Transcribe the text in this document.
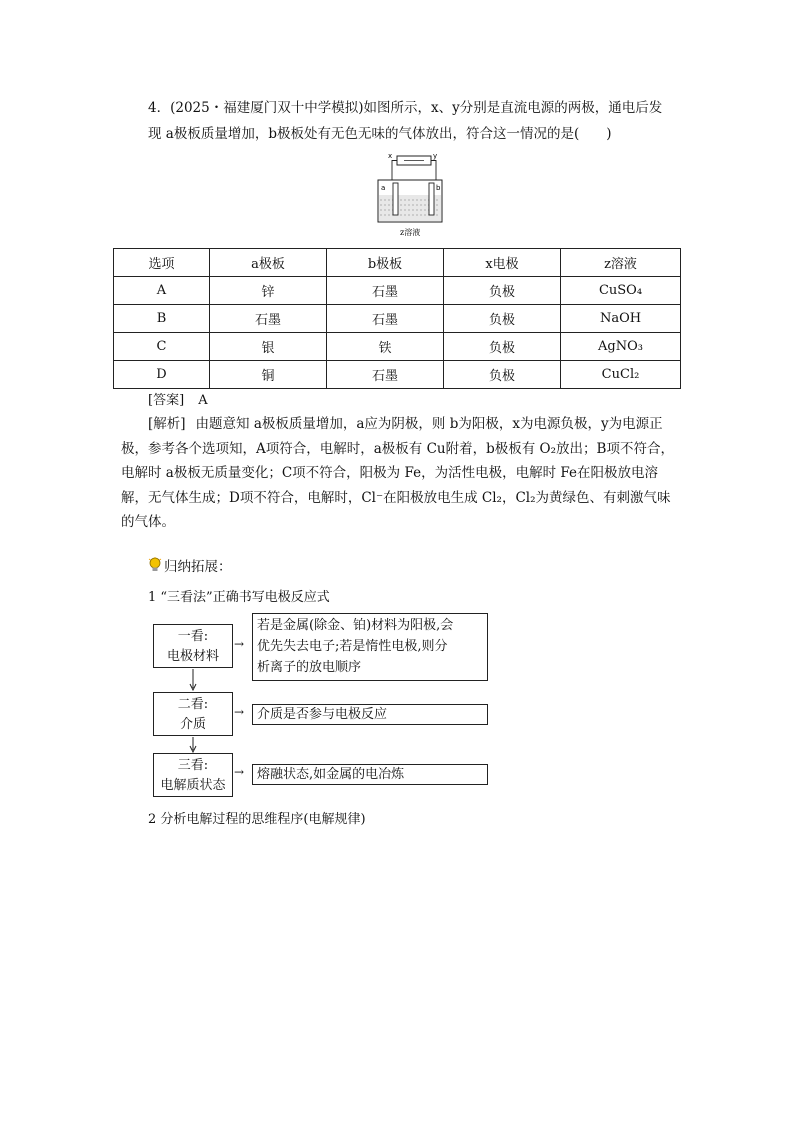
4．(2025・福建厦门双十中学模拟)如图所示，x、y分别是直流电源的两极，通电后发

现 a极板质量增加，b极板处有无色无味的气体放出，符合这一情况的是(　　)

x	y
a	b
z溶液
选项	a极板	b极板	x电极	z溶液
A	锌	石墨	负极	CuSO₄
B	石墨	石墨	负极	NaOH
C	银	铁	负极	AgNO₃
D	铜	石墨	负极	CuCl₂
[答案] A

[解析] 由题意知 a极板质量增加，a应为阴极，则 b为阳极，x为电源负极，y为电源正极，参考各个选项知，A项符合，电解时，a极板有 Cu附着，b极板有 O₂放出；B项不符合，电解时 a极板无质量变化；C项不符合，阳极为 Fe，为活性电极，电解时 Fe在阳极放电溶解，无气体生成；D项不符合，电解时，Cl⁻在阳极放电生成 Cl₂，Cl₂为黄绿色、有刺激气味的气体。

归纳拓展：
1 “三看法”正确书写电极反应式
一看:
电极材料
→
若是金属(除金、铂)材料为阳极,会
优先失去电子;若是惰性电极,则分
析离子的放电顺序
二看:
介质
→ 介质是否参与电极反应
三看:
电解质状态
→ 熔融状态,如金属的电冶炼
2 分析电解过程的思维程序(电解规律)
